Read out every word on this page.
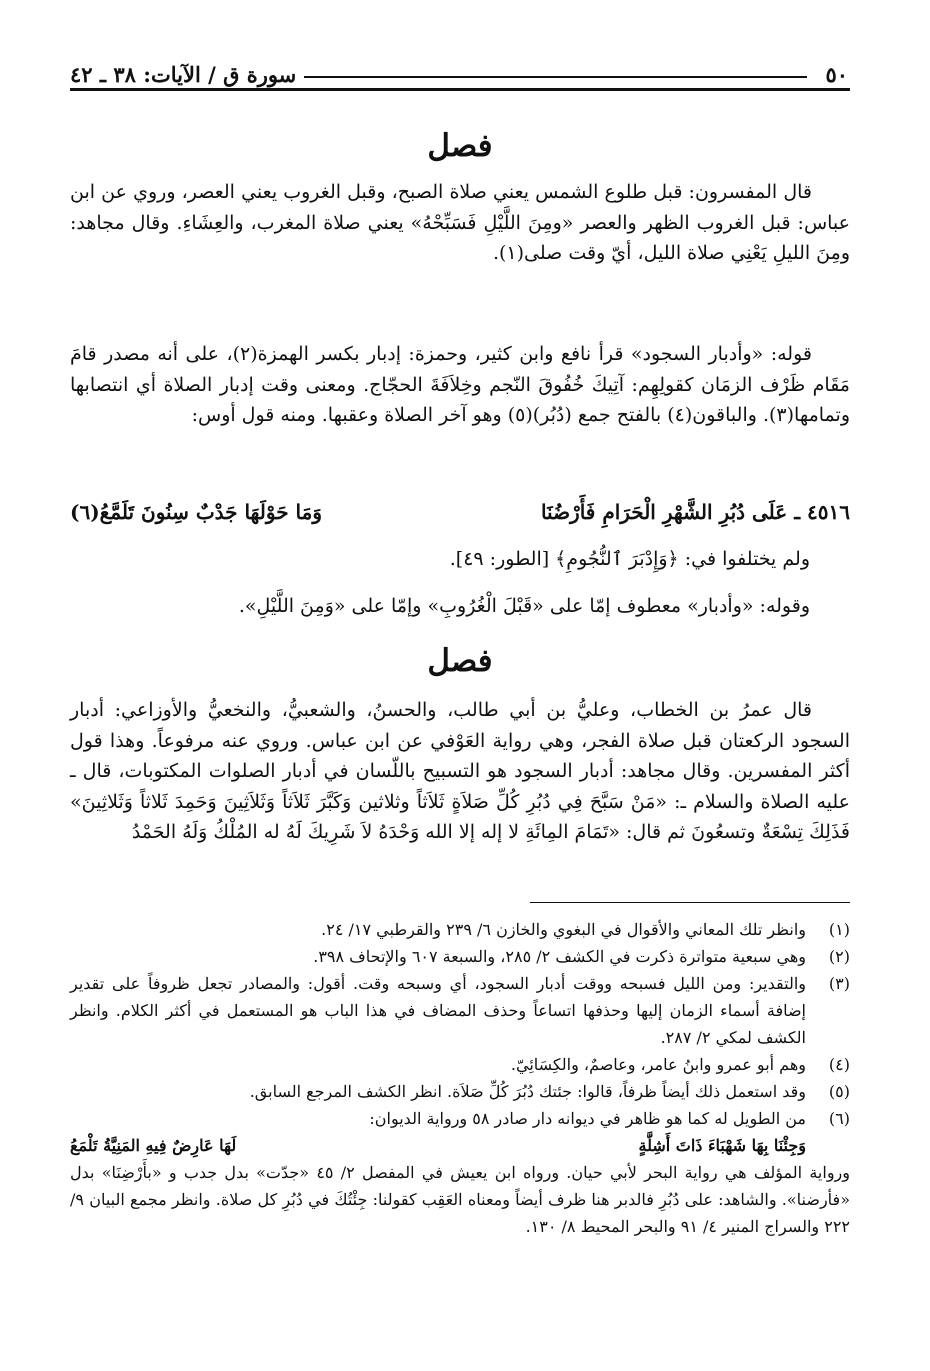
٥٠
سورة ق / الآيات: ٣٨ ـ ٤٢
فصل

قال المفسرون: قبل طلوع الشمس يعني صلاة الصبح، وقبل الغروب يعني العصر، وروي عن ابن عباس: قبل الغروب الظهر والعصر «ومِنَ اللَّيْلِ فَسَبِّحْهُ» يعني صلاة المغرب، والعِشَاءِ. وقال مجاهد: ومِنَ الليلِ يَعْنِي صلاة الليل، أيّ وقت صلى(١).

قوله: «وأدبار السجود» قرأ نافع وابن كثير، وحمزة: إدبار بكسر الهمزة(٢)، على أنه مصدر قامَ مَقَام ظَرْف الزمَان كقولِهِم: آتِيكَ خُفُوقَ النّجم وخِلاَفَةَ الحجّاج. ومعنى وقت إدبار الصلاة أي انتصابها وتمامها(٣). والباقون(٤) بالفتح جمع (دُبُر)(٥) وهو آخر الصلاة وعقبها. ومنه قول أوس:

٤٥١٦ ـ عَلَى دُبُرِ الشَّهْرِ الْحَرَامِ فَأَرْضُنَا
وَمَا حَوْلَهَا جَدْبٌ سِنُونَ تَلَمَّعُ(٦)
ولم يختلفوا في: ﴿وَإِدْبَرَ ٱلنُّجُومِ﴾ [الطور: ٤٩].
وقوله: «وأدبار» معطوف إمّا على «قَبْلَ الْغُرُوبِ» وإمّا على «وَمِنَ اللَّيْلِ».
فصل

قال عمرُ بن الخطاب، وعليُّ بن أبي طالب، والحسنُ، والشعبيُّ، والنخعيُّ والأوزاعي: أدبار السجود الركعتان قبل صلاة الفجر، وهي رواية العَوْفي عن ابن عباس. وروي عنه مرفوعاً. وهذا قول أكثر المفسرين. وقال مجاهد: أدبار السجود هو التسبيح باللّسان في أدبار الصلوات المكتوبات، قال ـ عليه الصلاة والسلام ـ: «مَنْ سَبَّحَ فِي دُبُرِ كُلِّ صَلاَةٍ ثَلاَثاً وثلاثين وَكَبَّرَ ثَلاَثاً وَثَلاَثِينَ وَحَمِدَ ثَلاثاً وَثَلاثِينَ» فَذَلِكَ تِسْعَةٌ وتسعُونَ ثم قال: «تَمَامَ المِائَةِ لا إله إلا الله وَحْدَهُ لاَ شَرِيكَ لَهُ له المُلْكُ وَلَهُ الحَمْدُ

(١)
وانظر تلك المعاني والأقوال في البغوي والخازن ٦/ ٢٣٩ والقرطبي ١٧/ ٢٤.
(٢)
وهي سبعية متواترة ذكرت في الكشف ٢/ ٢٨٥، والسبعة ٦٠٧ والإتحاف ٣٩٨.
(٣)
والتقدير: ومن الليل فسبحه ووقت أدبار السجود، أي وسبحه وقت. أقول: والمصادر تجعل ظروفاً على تقدير إضافة أسماء الزمان إليها وحذفها اتساعاً وحذف المضاف في هذا الباب هو المستعمل في أكثر الكلام. وانظر الكشف لمكي ٢/ ٢٨٧.
(٤)
وهم أبو عمرو وابنُ عامر، وعاصمٌ، والكِسَائِيّ.
(٥)
وقد استعمل ذلك أيضاً ظرفاً، قالوا: جئتك دُبُرَ كُلِّ صَلاَة. انظر الكشف المرجع السابق.
(٦)
من الطويل له كما هو ظاهر في ديوانه دار صادر ٥٨ ورواية الديوان:
وَجِئْنَا بِهَا شَهْبَاءَ ذَاتَ أَشِلَّةٍ
لَهَا عَارِضٌ فِيهِ المَنِيَّةُ تَلْمَعُ
ورواية المؤلف هي رواية البحر لأبي حيان. ورواه ابن يعيش في المفصل ٢/ ٤٥ «جدّت» بدل جدب و «بأَرْضِنَا» بدل «فأرضنا». والشاهد: على دُبُرِ فالدبر هنا ظرف أيضاً ومعناه العَقِب كقولنا: جِئْتُكَ في دُبُرِ كل صلاة. وانظر مجمع البيان ٩/ ٢٢٢ والسراج المنير ٤/ ٩١ والبحر المحيط ٨/ ١٣٠.
